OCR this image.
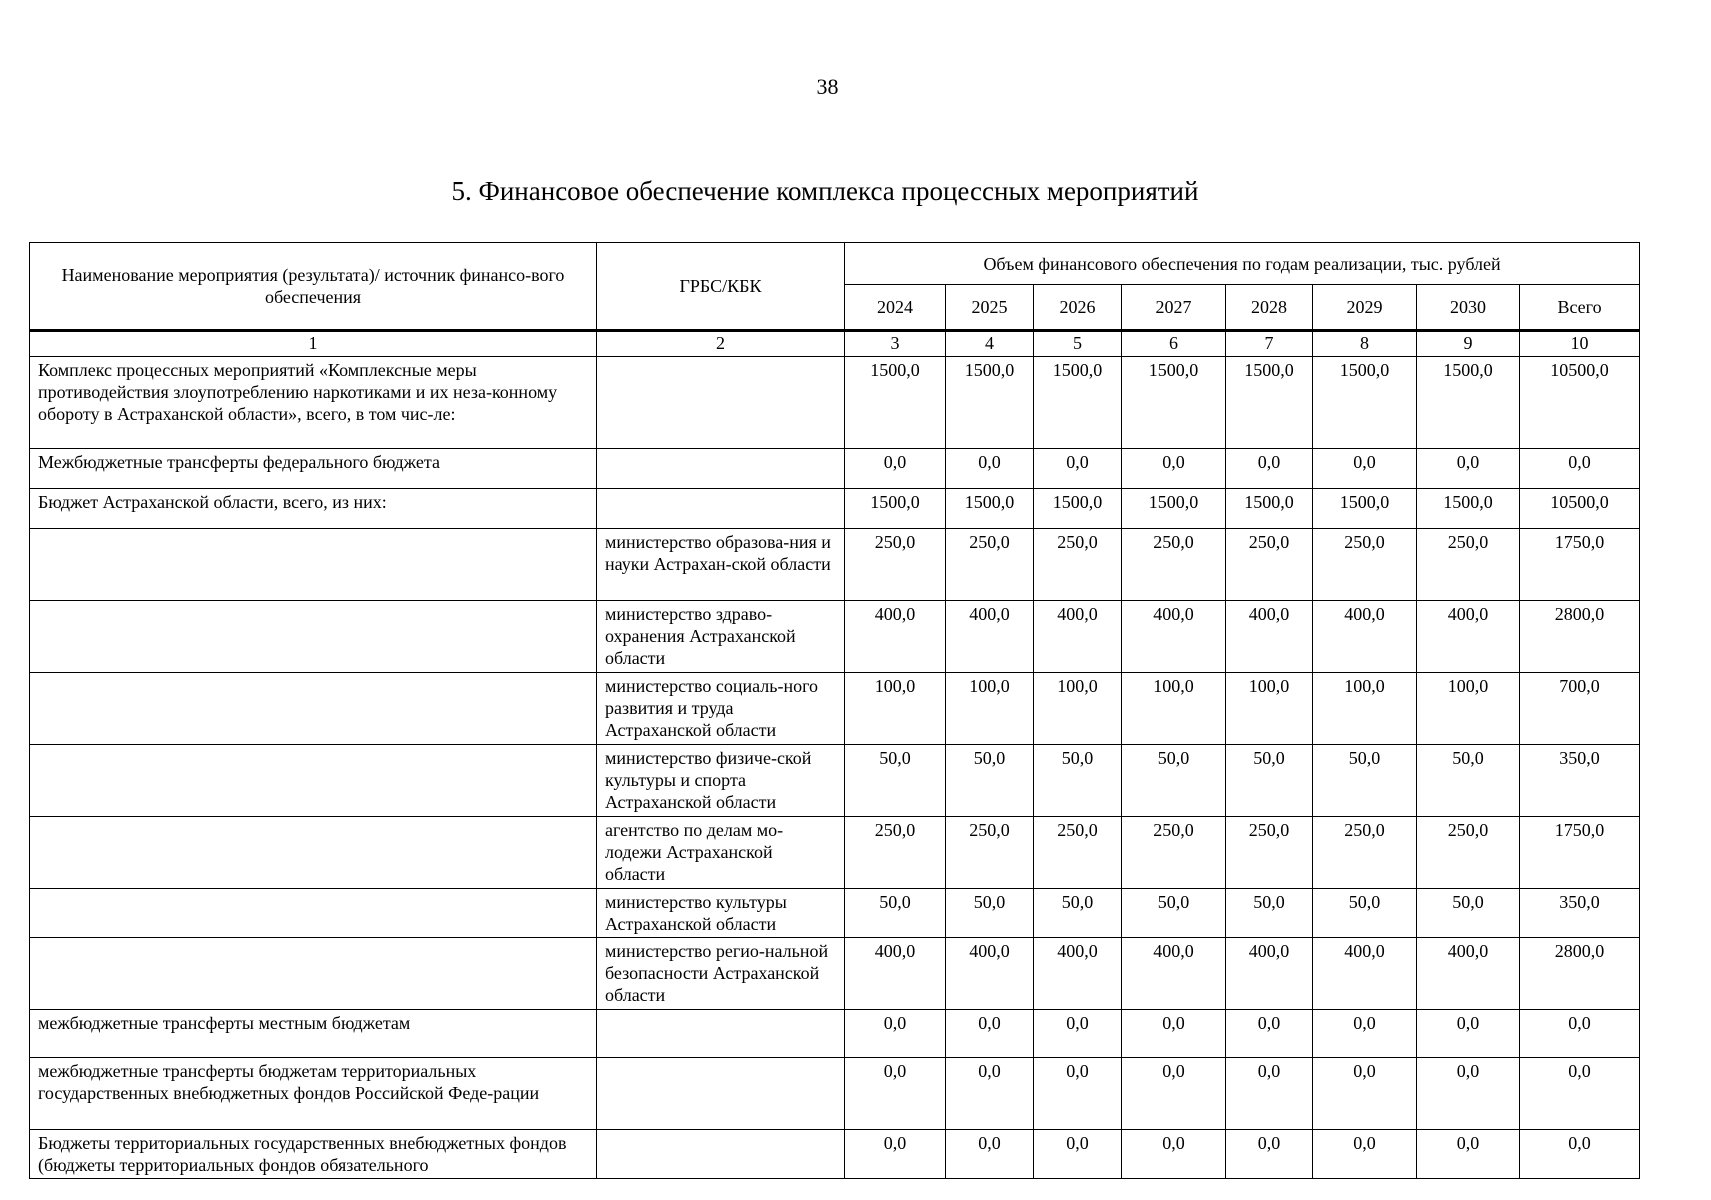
38
5. Финансовое обеспечение комплекса процессных мероприятий
Наименование мероприятия (результата)/ источник финансо-вого обеспечения	ГРБС/КБК	Объем финансового обеспечения по годам реализации, тыс. рублей							
		2024	2025	2026	2027	2028	2029	2030	Всего
1	2	3	4	5	6	7	8	9	10
Комплекс процессных мероприятий «Комплексные меры противодействия злоупотреблению наркотиками и их неза-конному обороту в Астраханской области», всего, в том чис-ле:		1500,0	1500,0	1500,0	1500,0	1500,0	1500,0	1500,0	10500,0
Межбюджетные трансферты федерального бюджета		0,0	0,0	0,0	0,0	0,0	0,0	0,0	0,0
Бюджет Астраханской области, всего, из них:		1500,0	1500,0	1500,0	1500,0	1500,0	1500,0	1500,0	10500,0
	министерство образова-ния и науки Астрахан-ской области	250,0	250,0	250,0	250,0	250,0	250,0	250,0	1750,0
	министерство здраво-охранения Астраханской области	400,0	400,0	400,0	400,0	400,0	400,0	400,0	2800,0
	министерство социаль-ного развития и труда Астраханской области	100,0	100,0	100,0	100,0	100,0	100,0	100,0	700,0
	министерство физиче-ской культуры и спорта Астраханской области	50,0	50,0	50,0	50,0	50,0	50,0	50,0	350,0
	агентство по делам мо-лодежи Астраханской области	250,0	250,0	250,0	250,0	250,0	250,0	250,0	1750,0
	министерство культуры Астраханской области	50,0	50,0	50,0	50,0	50,0	50,0	50,0	350,0
	министерство регио-нальной безопасности Астраханской области	400,0	400,0	400,0	400,0	400,0	400,0	400,0	2800,0
межбюджетные трансферты местным бюджетам		0,0	0,0	0,0	0,0	0,0	0,0	0,0	0,0
межбюджетные трансферты бюджетам территориальных государственных внебюджетных фондов Российской Феде-рации		0,0	0,0	0,0	0,0	0,0	0,0	0,0	0,0
Бюджеты территориальных государственных внебюджетных фондов (бюджеты территориальных фондов обязательного		0,0	0,0	0,0	0,0	0,0	0,0	0,0	0,0
